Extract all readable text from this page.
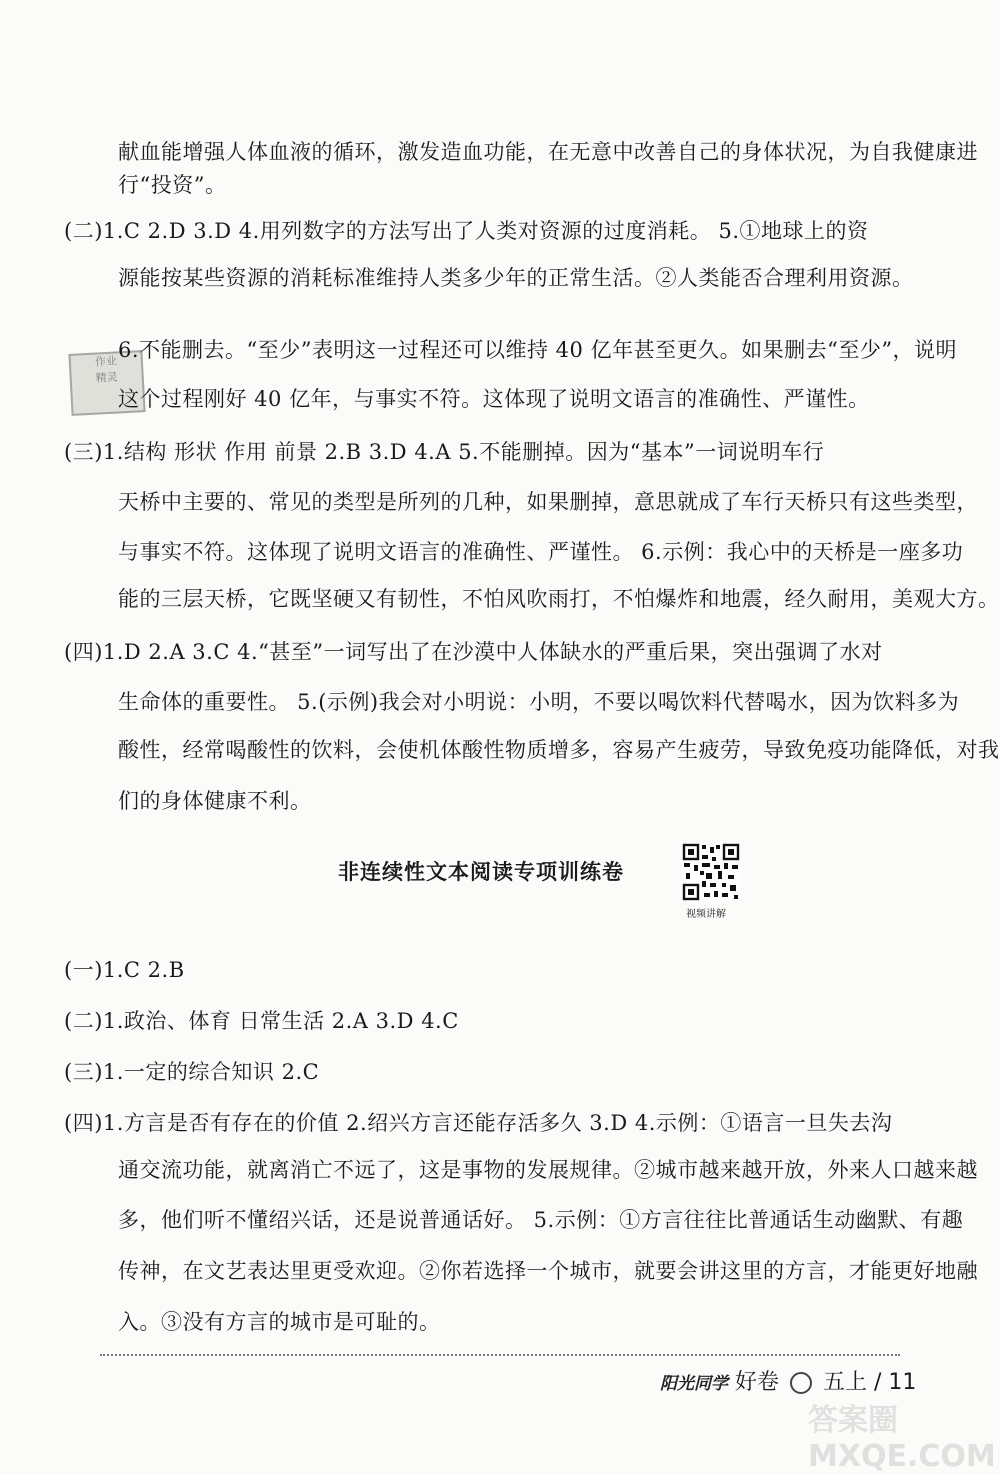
作业
精灵
献血能增强人体血液的循环，激发造血功能，在无意中改善自己的身体状况，为自我健康进
行“投资”。
(二)1.C 2.D 3.D 4.用列数字的方法写出了人类对资源的过度消耗。 5.①地球上的资
源能按某些资源的消耗标准维持人类多少年的正常生活。②人类能否合理利用资源。
6.不能删去。“至少”表明这一过程还可以维持 40 亿年甚至更久。如果删去“至少”，说明
这个过程刚好 40 亿年，与事实不符。这体现了说明文语言的准确性、严谨性。
(三)1.结构 形状 作用 前景 2.B 3.D 4.A 5.不能删掉。因为“基本”一词说明车行
天桥中主要的、常见的类型是所列的几种，如果删掉，意思就成了车行天桥只有这些类型，
与事实不符。这体现了说明文语言的准确性、严谨性。 6.示例：我心中的天桥是一座多功
能的三层天桥，它既坚硬又有韧性，不怕风吹雨打，不怕爆炸和地震，经久耐用，美观大方。
(四)1.D 2.A 3.C 4.“甚至”一词写出了在沙漠中人体缺水的严重后果，突出强调了水对
生命体的重要性。 5.(示例)我会对小明说：小明，不要以喝饮料代替喝水，因为饮料多为
酸性，经常喝酸性的饮料，会使机体酸性物质增多，容易产生疲劳，导致免疫功能降低，对我
们的身体健康不利。
非连续性文本阅读专项训练卷
视频讲解
(一)1.C 2.B
(二)1.政治、体育 日常生活 2.A 3.D 4.C
(三)1.一定的综合知识 2.C
(四)1.方言是否有存在的价值 2.绍兴方言还能存活多久 3.D 4.示例：①语言一旦失去沟
通交流功能，就离消亡不远了，这是事物的发展规律。②城市越来越开放，外来人口越来越
多，他们听不懂绍兴话，还是说普通话好。 5.示例：①方言往往比普通话生动幽默、有趣
传神，在文艺表达里更受欢迎。②你若选择一个城市，就要会讲这里的方言，才能更好地融
入。③没有方言的城市是可耻的。
阳光同学 好卷 五上 / 11
答案圈 MXQE.COM
